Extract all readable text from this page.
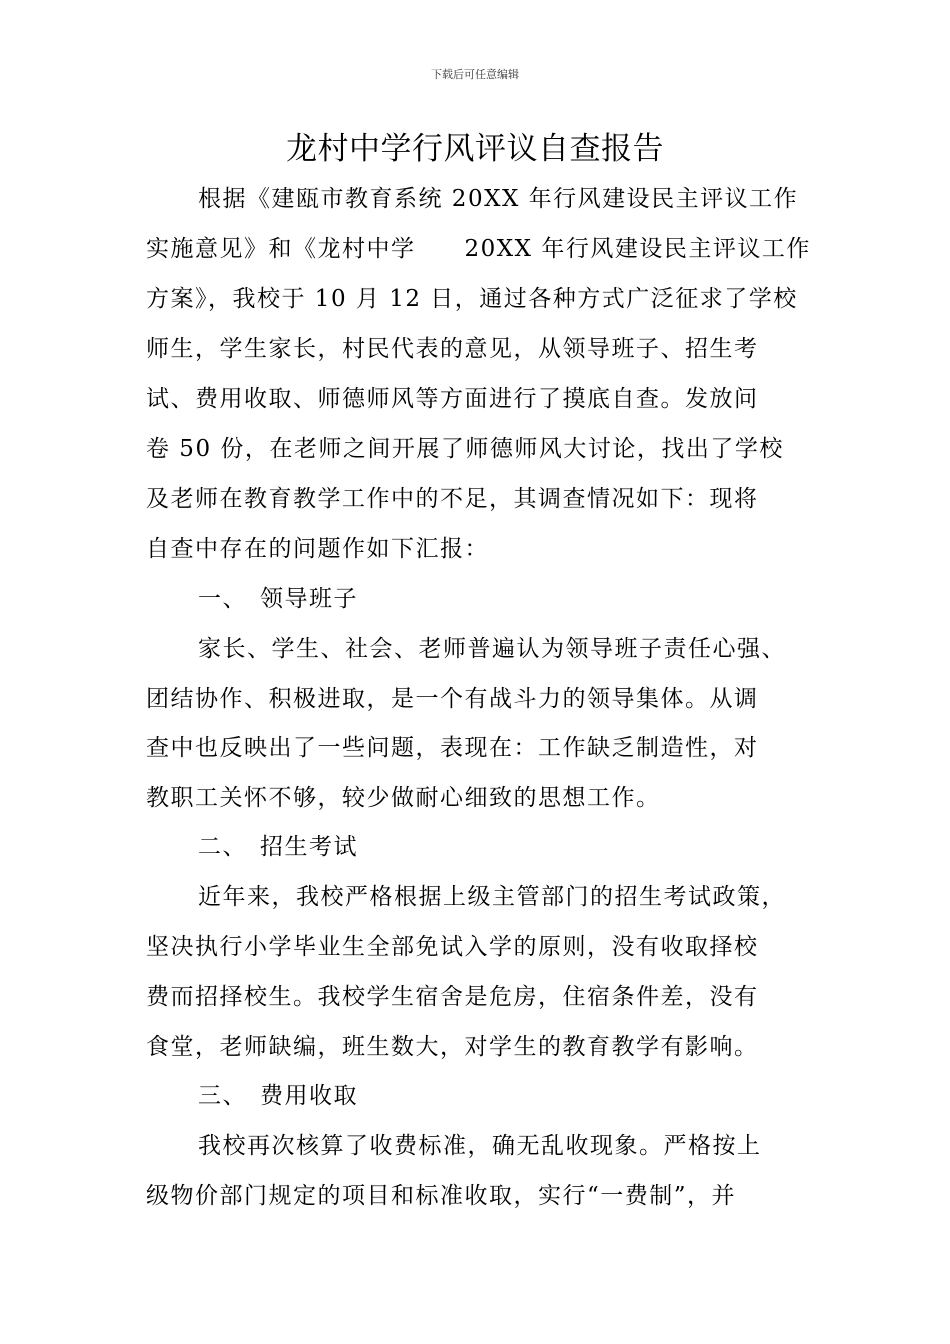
下载后可任意编辑
龙村中学行风评议自查报告
根据《建瓯市教育系统 20XX 年行风建设民主评议工作
实施意见》和《龙村中学　　20XX 年行风建设民主评议工作
方案》，我校于 10 月 12 日，通过各种方式广泛征求了学校
师生，学生家长，村民代表的意见，从领导班子、招生考
试、费用收取、师德师风等方面进行了摸底自查。发放问
卷 50 份，在老师之间开展了师德师风大讨论，找出了学校
及老师在教育教学工作中的不足，其调查情况如下：现将
自查中存在的问题作如下汇报：
一、 领导班子
家长、学生、社会、老师普遍认为领导班子责任心强、
团结协作、积极进取，是一个有战斗力的领导集体。从调
查中也反映出了一些问题，表现在：工作缺乏制造性，对
教职工关怀不够，较少做耐心细致的思想工作。
二、 招生考试
近年来，我校严格根据上级主管部门的招生考试政策，
坚决执行小学毕业生全部免试入学的原则，没有收取择校
费而招择校生。我校学生宿舍是危房，住宿条件差，没有
食堂，老师缺编，班生数大，对学生的教育教学有影响。
三、 费用收取
我校再次核算了收费标准，确无乱收现象。严格按上
级物价部门规定的项目和标准收取，实行“一费制”，并
